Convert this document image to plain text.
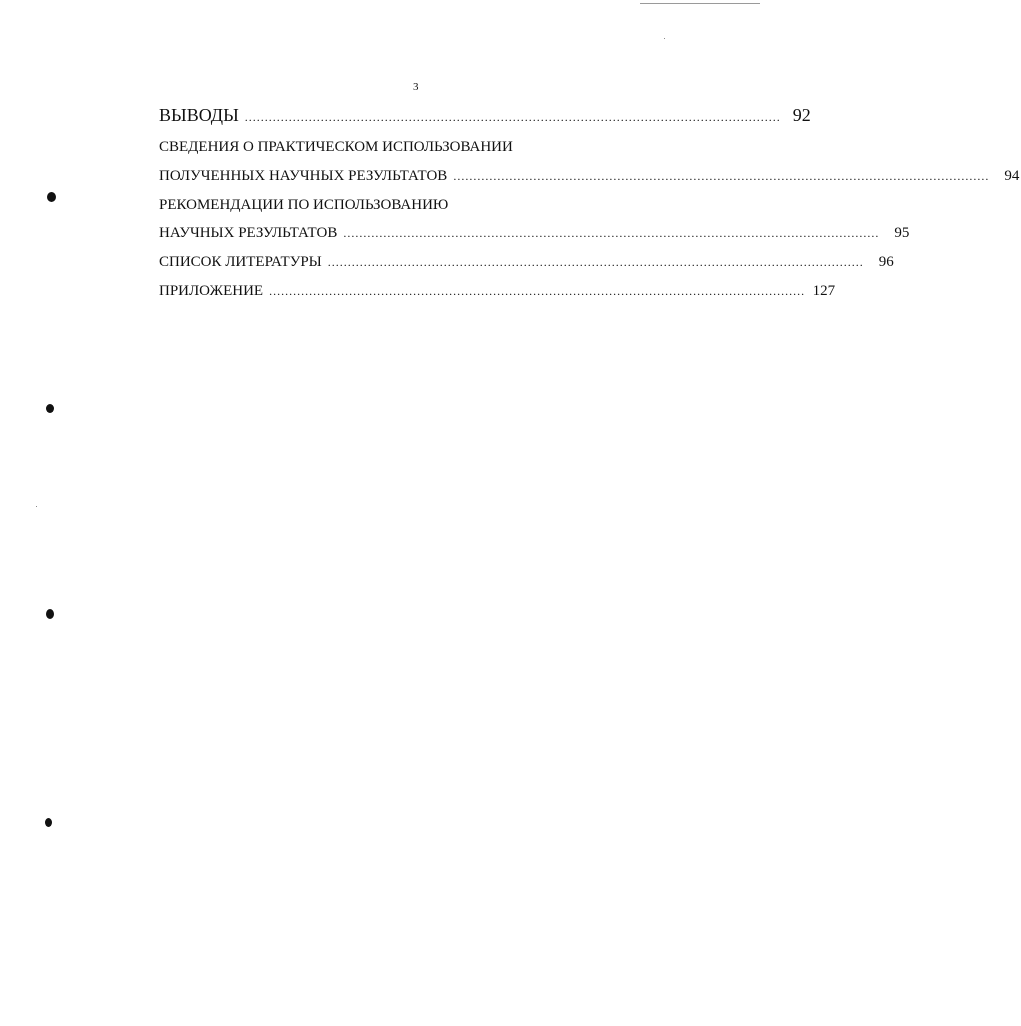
3
ВЫВОДЫ ...................................................................................................................................... 92
СВЕДЕНИЯ О ПРАКТИЧЕСКОМ ИСПОЛЬЗОВАНИИ
ПОЛУЧЕННЫХ НАУЧНЫХ РЕЗУЛЬТАТОВ ......................................................................................................................................	94
РЕКОМЕНДАЦИИ ПО ИСПОЛЬЗОВАНИЮ
НАУЧНЫХ РЕЗУЛЬТАТОВ ......................................................................................................................................	95
СПИСОК ЛИТЕРАТУРЫ ......................................................................................................................................	96
ПРИЛОЖЕНИЕ ...................................................................................................................................... 127
